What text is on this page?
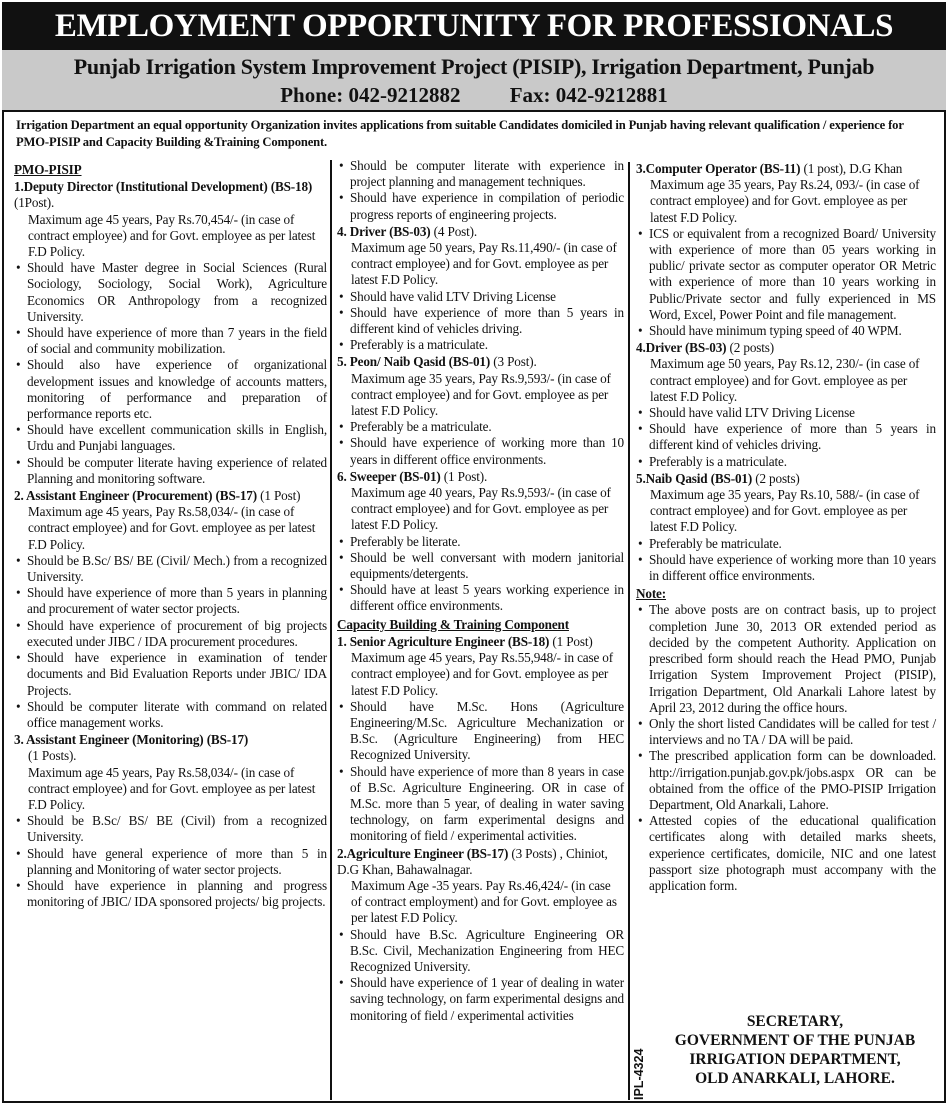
EMPLOYMENT OPPORTUNITY FOR PROFESSIONALS
Punjab Irrigation System Improvement Project (PISIP), Irrigation Department, Punjab
Phone: 042-9212882 Fax: 042-9212881
Irrigation Department an equal opportunity Organization invites applications from suitable Candidates domiciled in Punjab having relevant qualification / experience for PMO-PISIP and Capacity Building &Training Component.
PMO-PISIP
1.Deputy Director (Institutional Development) (BS-18) (1Post).
Maximum age 45 years, Pay Rs.70,454/- (in case of contract employee) and for Govt. employee as per latest F.D Policy.
• Should have Master degree in Social Sciences (Rural Sociology, Sociology, Social Work), Agriculture Economics OR Anthropology from a recognized University.
• Should have experience of more than 7 years in the field of social and community mobilization.
• Should also have experience of organizational development issues and knowledge of accounts matters, monitoring of performance and preparation of performance reports etc.
• Should have excellent communication skills in English, Urdu and Punjabi languages.
• Should be computer literate having experience of related Planning and monitoring software.
2. Assistant Engineer (Procurement) (BS-17) (1 Post)
Maximum age 45 years, Pay Rs.58,034/- (in case of contract employee) and for Govt. employee as per latest F.D Policy.
• Should be B.Sc/ BS/ BE (Civil/ Mech.) from a recognized University.
• Should have experience of more than 5 years in planning and procurement of water sector projects.
• Should have experience of procurement of big projects executed under JIBC / IDA procurement procedures.
• Should have experience in examination of tender documents and Bid Evaluation Reports under JBIC/ IDA Projects.
• Should be computer literate with command on related office management works.
3. Assistant Engineer (Monitoring) (BS-17)
(1 Posts).
Maximum age 45 years, Pay Rs.58,034/- (in case of contract employee) and for Govt. employee as per latest F.D Policy.
• Should be B.Sc/ BS/ BE (Civil) from a recognized University.
• Should have general experience of more than 5 in planning and Monitoring of water sector projects.
• Should have experience in planning and progress monitoring of JBIC/ IDA sponsored projects/ big projects.
• Should be computer literate with experience in project planning and management techniques.
• Should have experience in compilation of periodic progress reports of engineering projects.
4. Driver (BS-03) (4 Post).
Maximum age 50 years, Pay Rs.11,490/- (in case of contract employee) and for Govt. employee as per latest F.D Policy.
• Should have valid LTV Driving License
• Should have experience of more than 5 years in different kind of vehicles driving.
• Preferably is a matriculate.
5. Peon/ Naib Qasid (BS-01) (3 Post).
Maximum age 35 years, Pay Rs.9,593/- (in case of contract employee) and for Govt. employee as per latest F.D Policy.
• Preferably be a matriculate.
• Should have experience of working more than 10 years in different office environments.
6. Sweeper (BS-01) (1 Post).
Maximum age 40 years, Pay Rs.9,593/- (in case of contract employee) and for Govt. employee as per latest F.D Policy.
• Preferably be literate.
• Should be well conversant with modern janitorial equipments/detergents.
• Should have at least 5 years working experience in different office environments.
Capacity Building & Training Component
1. Senior Agriculture Engineer (BS-18) (1 Post)
Maximum age 45 years, Pay Rs.55,948/- in case of contract employee) and for Govt. employee as per latest F.D Policy.
• Should have M.Sc. Hons (Agriculture Engineering/M.Sc. Agriculture Mechanization or B.Sc. (Agriculture Engineering) from HEC Recognized University.
• Should have experience of more than 8 years in case of B.Sc. Agriculture Engineering. OR in case of M.Sc. more than 5 year, of dealing in water saving technology, on farm experimental designs and monitoring of field / experimental activities.
2.Agriculture Engineer (BS-17) (3 Posts) , Chiniot, D.G Khan, Bahawalnagar.
Maximum Age -35 years. Pay Rs.46,424/- (in case of contract employment) and for Govt. employee as per latest F.D Policy.
• Should have B.Sc. Agriculture Engineering OR B.Sc. Civil, Mechanization Engineering from HEC Recognized University.
• Should have experience of 1 year of dealing in water saving technology, on farm experimental designs and monitoring of field / experimental activities
3.Computer Operator (BS-11) (1 post), D.G Khan
Maximum age 35 years, Pay Rs.24, 093/- (in case of contract employee) and for Govt. employee as per latest F.D Policy.
• ICS or equivalent from a recognized Board/ University with experience of more than 05 years working in public/ private sector as computer operator OR Metric with experience of more than 10 years working in Public/Private sector and fully experienced in MS Word, Excel, Power Point and file management.
• Should have minimum typing speed of 40 WPM.
4.Driver (BS-03) (2 posts)
Maximum age 50 years, Pay Rs.12, 230/- (in case of contract employee) and for Govt. employee as per latest F.D Policy.
• Should have valid LTV Driving License
• Should have experience of more than 5 years in different kind of vehicles driving.
• Preferably is a matriculate.
5.Naib Qasid (BS-01) (2 posts)
Maximum age 35 years, Pay Rs.10, 588/- (in case of contract employee) and for Govt. employee as per latest F.D Policy.
• Preferably be matriculate.
• Should have experience of working more than 10 years in different office environments.
Note:
• The above posts are on contract basis, up to project completion June 30, 2013 OR extended period as decided by the competent Authority. Application on prescribed form should reach the Head PMO, Punjab Irrigation System Improvement Project (PISIP), Irrigation Department, Old Anarkali Lahore latest by April 23, 2012 during the office hours.
• Only the short listed Candidates will be called for test / interviews and no TA / DA will be paid.
• The prescribed application form can be downloaded. http://irrigation.punjab.gov.pk/jobs.aspx OR can be obtained from the office of the PMO-PISIP Irrigation Department, Old Anarkali, Lahore.
• Attested copies of the educational qualification certificates along with detailed marks sheets, experience certificates, domicile, NIC and one latest passport size photograph must accompany with the application form.
SECRETARY,
GOVERNMENT OF THE PUNJAB
IRRIGATION DEPARTMENT,
OLD ANARKALI, LAHORE.
IPL-4324
